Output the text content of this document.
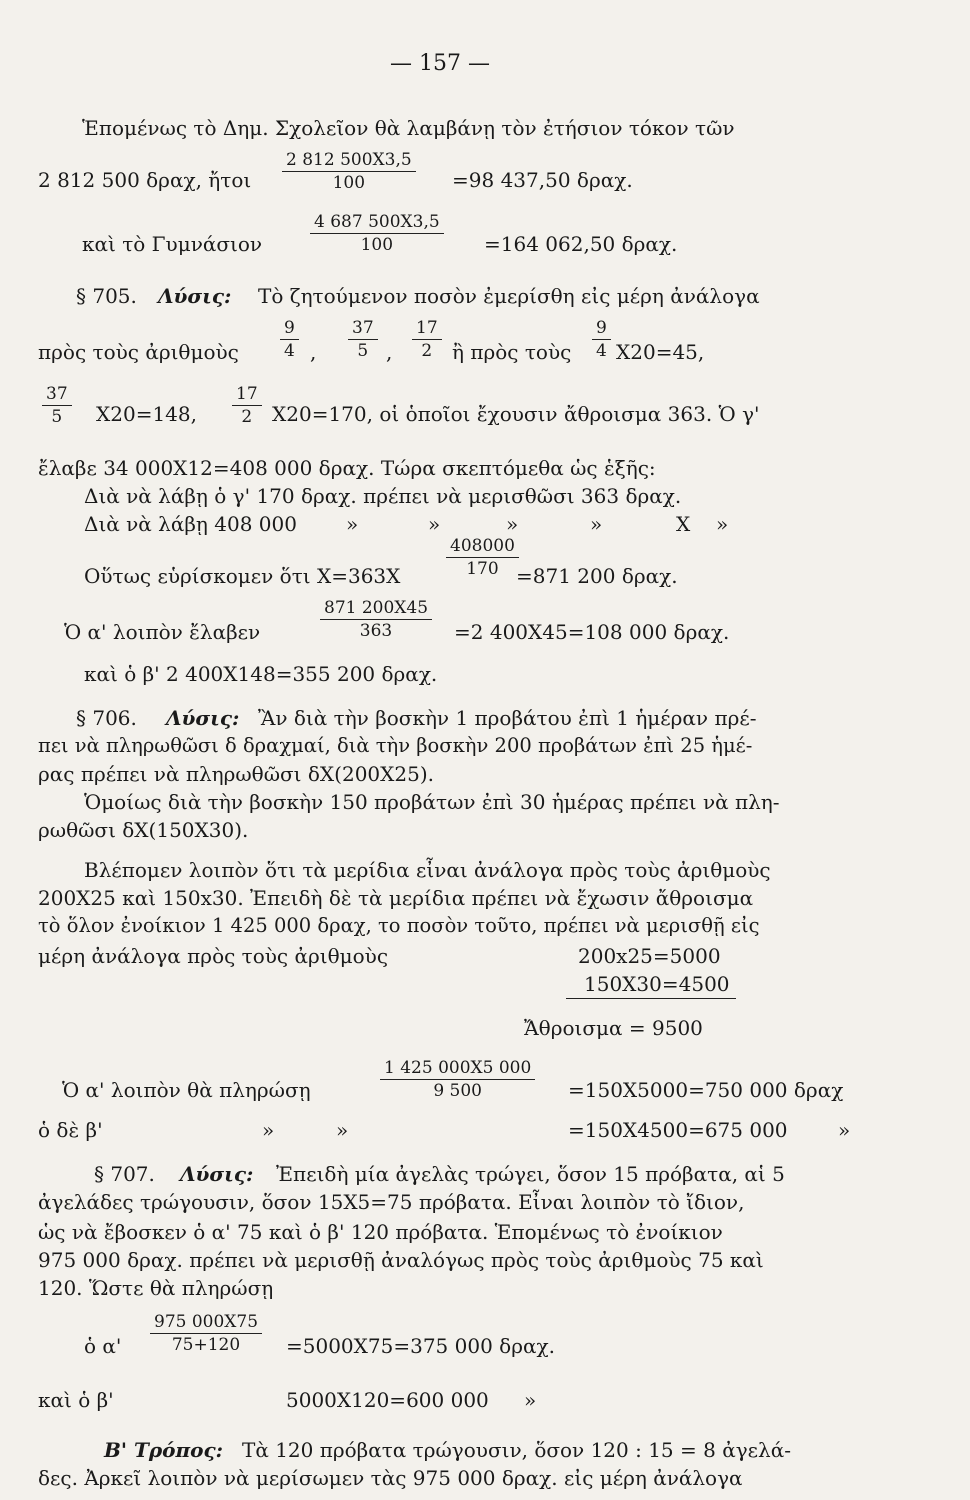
— 157 —
Ἑπομένως τὸ Δημ. Σχολεῖον θὰ λαμβάνῃ τὸν ἐτήσιον τόκον τῶν
2 812 500 δραχ, ἤτοι $\frac{2 812 500X3,5}{100} =98$ 437,50 δραχ.
καὶ τὸ Γυμνάσιον	$\frac{4 687 500X3,5}{100} =164$ 062,50 δραχ.
§ 705. Λύσις: Τὸ ζητούμενον ποσὸν ἐμερίσθη εἰς μέρη ἀνάλογα
πρὸς τοὺς ἀριθμοὺς $\frac{9}{4}$ , $\frac{37}{5}$ , $\frac{17}{2}$ ἢ πρὸς τοὺς $\frac{9}{4} X20=45$,
$\frac{37}{5} X20=148$, $\frac{17}{2} X20=170$, οἱ ὁποῖοι ἔχουσιν ἄθροισμα 363. Ὁ γ'
ἔλαβε 34 000X12=408 000 δραχ. Τώρα σκεπτόμεθα ὡς ἑξῆς:
Διὰ νὰ λάβῃ ὁ γ' 170 δραχ. πρέπει νὰ μερισθῶσι 363 δραχ.
Διὰ νὰ λάβῃ 408 000 »	»	»	»	X »
Οὕτως εὑρίσκομεν ὅτι X=363X	$\frac{408000}{170}$
=871 200 δραχ.
Ὁ α' λοιπὸν ἔλαβεν	$\frac{871 200X45}{363} =2$ 400X45=108 000 δραχ.
καὶ ὁ β' 2 400X148=355 200 δραχ.
§ 706. Λύσις: Ἂν διὰ τὴν βοσκὴν 1 προβάτου ἐπὶ 1 ἡμέραν πρέ-
πει νὰ πληρωθῶσι δ δραχμαί, διὰ τὴν βοσκὴν 200 προβάτων ἐπὶ 25 ἡμέ-
ρας πρέπει νὰ πληρωθῶσι δX(200X25).
Ὁμοίως διὰ τὴν βοσκὴν 150 προβάτων ἐπὶ 30 ἡμέρας πρέπει νὰ πλη-
ρωθῶσι δX(150X30).
Βλέπομεν λοιπὸν ὅτι τὰ μερίδια εἶναι ἀνάλογα πρὸς τοὺς ἀριθμοὺς
200X25 καὶ 150x30. Ἐπειδὴ δὲ τὰ μερίδια πρέπει νὰ ἔχωσιν ἄθροισμα
τὸ ὅλον ἐνοίκιον 1 425 000 δραχ, το ποσὸν τοῦτο, πρέπει νὰ μερισθῇ εἰς
μέρη ἀνάλογα πρὸς τοὺς ἀριθμοὺς	200x25=5000
150X30=4500
Ἄθροισμα = 9500
Ὁ α' λοιπὸν θὰ πληρώσῃ	$\frac{1 425 000X5 000}{9 500} =150X5000=750$ 000 δραχ
ὁ δὲ β'	»	»	=150X4500=675 000	»
§ 707. Λύσις: Ἐπειδὴ μία ἀγελὰς τρώγει, ὅσον 15 πρόβατα, αἱ 5
ἀγελάδες τρώγουσιν, ὅσον 15X5=75 πρόβατα. Εἶναι λοιπὸν τὸ ἴδιον,
ὡς νὰ ἔβοσκεν ὁ α' 75 καὶ ὁ β' 120 πρόβατα. Ἑπομένως τὸ ἐνοίκιον
975 000 δραχ. πρέπει νὰ μερισθῇ ἀναλόγως πρὸς τοὺς ἀριθμοὺς 75 καὶ
120. Ὥστε θὰ πληρώσῃ
ὁ $\alpha' \frac{975 000X75}{75+120} =5000X75=375$ 000 δραχ.
καὶ ὁ β'	5000X120=600 000 »
Β' Τρόπος: Τὰ 120 πρόβατα τρώγουσιν, ὅσον 120 : 15 = 8 ἀγελά-
δες. Ἀρκεῖ λοιπὸν νὰ μερίσωμεν τὰς 975 000 δραχ. εἰς μέρη ἀνάλογα
